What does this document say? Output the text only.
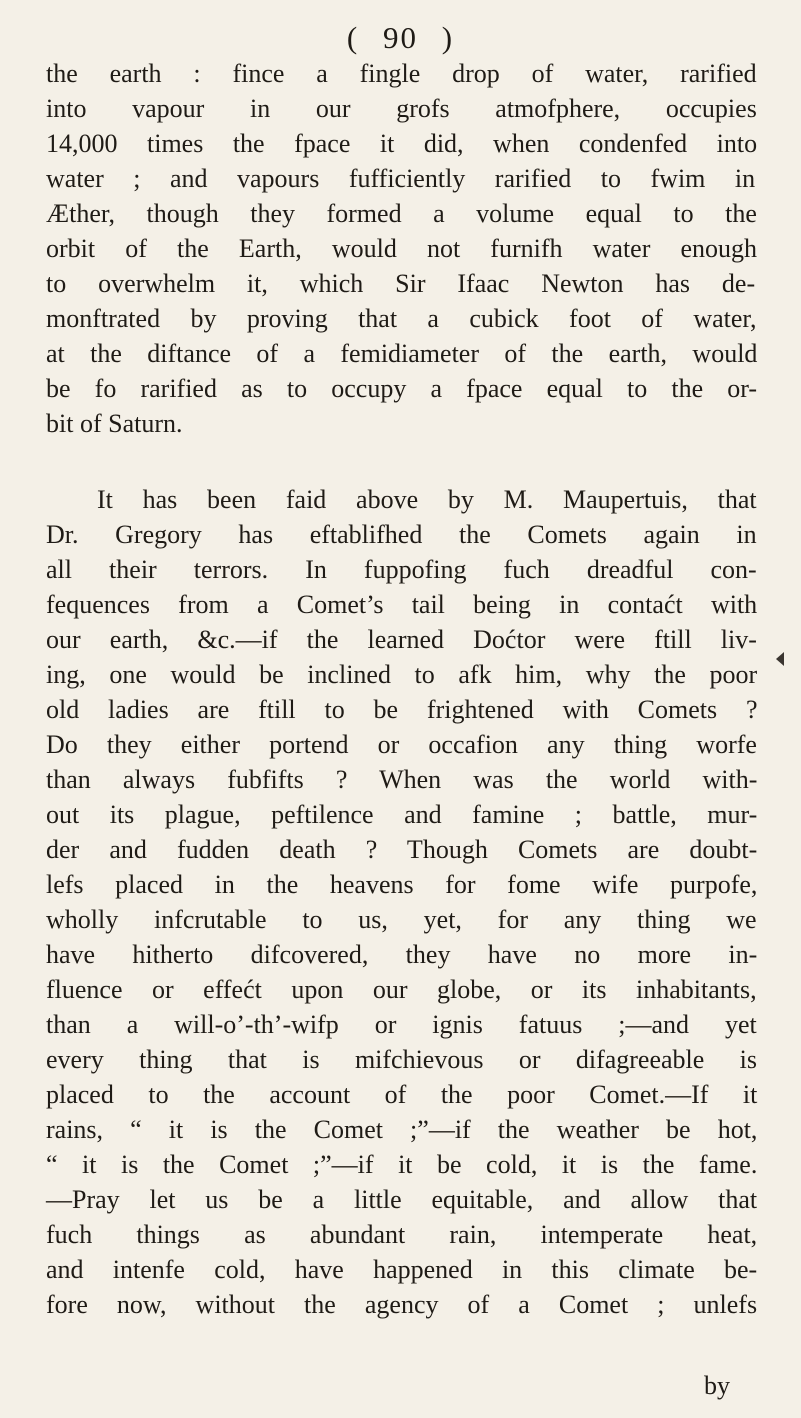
( 90 )
the earth : fince a fingle drop of water, rarified
into vapour in our grofs atmofphere, occupies
14,000 times the fpace it did, when condenfed into
water ; and vapours fufficiently rarified to fwim in
Æther, though they formed a volume equal to the
orbit of the Earth, would not furnifh water enough
to overwhelm it, which Sir Ifaac Newton has de-
monftrated by proving that a cubick foot of water,
at the diftance of a femidiameter of the earth, would
be fo rarified as to occupy a fpace equal to the or-
bit of Saturn.
It has been faid above by M. Maupertuis, that
Dr. Gregory has eftablifhed the Comets again in
all their terrors. In fuppofing fuch dreadful con-
fequences from a Comet’s tail being in contaćt with
our earth, &c.—if the learned Doćtor were ftill liv-
ing, one would be inclined to afk him, why the poor
old ladies are ftill to be frightened with Comets ?
Do they either portend or occafion any thing worfe
than always fubfifts ? When was the world with-
out its plague, peftilence and famine ; battle, mur-
der and fudden death ? Though Comets are doubt-
lefs placed in the heavens for fome wife purpofe,
wholly infcrutable to us, yet, for any thing we
have hitherto difcovered, they have no more in-
fluence or effećt upon our globe, or its inhabitants,
than a will-o’-th’-wifp or ignis fatuus ;—and yet
every thing that is mifchievous or difagreeable is
placed to the account of the poor Comet.—If it
rains, “ it is the Comet ;”—if the weather be hot,
“ it is the Comet ;”—if it be cold, it is the fame.
—Pray let us be a little equitable, and allow that
fuch things as abundant rain, intemperate heat,
and intenfe cold, have happened in this climate be-
fore now, without the agency of a Comet ; unlefs
by
